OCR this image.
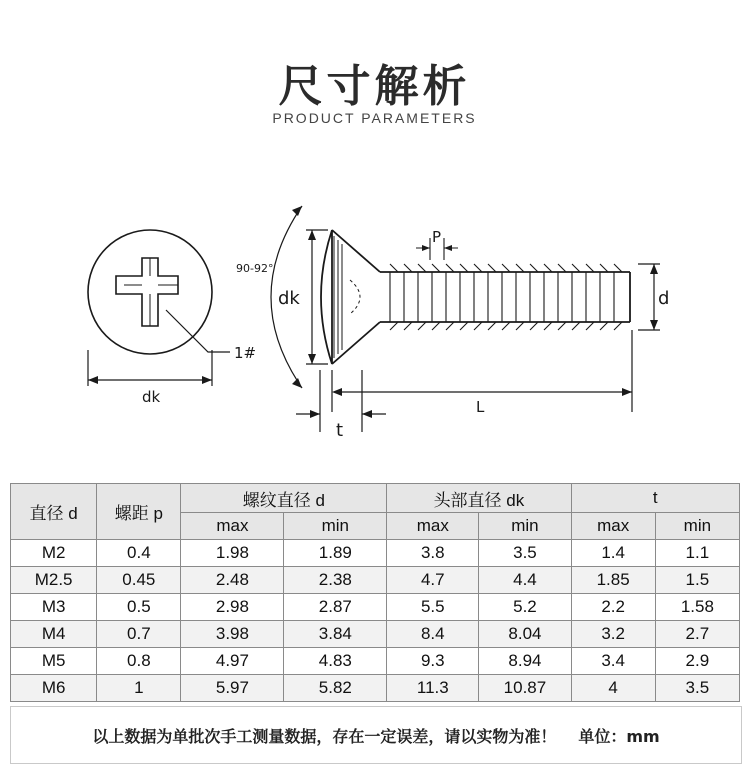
尺寸解析
PRODUCT PARAMETERS
dk
1#
90-92°
dk
P
d
L
t
直径 d	螺距 p	螺纹直径 d		头部直径 dk		t	
		max	min	max	min	max	min
M2	0.4	1.98	1.89	3.8	3.5	1.4	1.1
M2.5	0.45	2.48	2.38	4.7	4.4	1.85	1.5
M3	0.5	2.98	2.87	5.5	5.2	2.2	1.58
M4	0.7	3.98	3.84	8.4	8.04	3.2	2.7
M5	0.8	4.97	4.83	9.3	8.94	3.4	2.9
M6	1	5.97	5.82	11.3	10.87	4	3.5
以上数据为单批次手工测量数据，存在一定误差，请以实物为准！ 单位：mm
